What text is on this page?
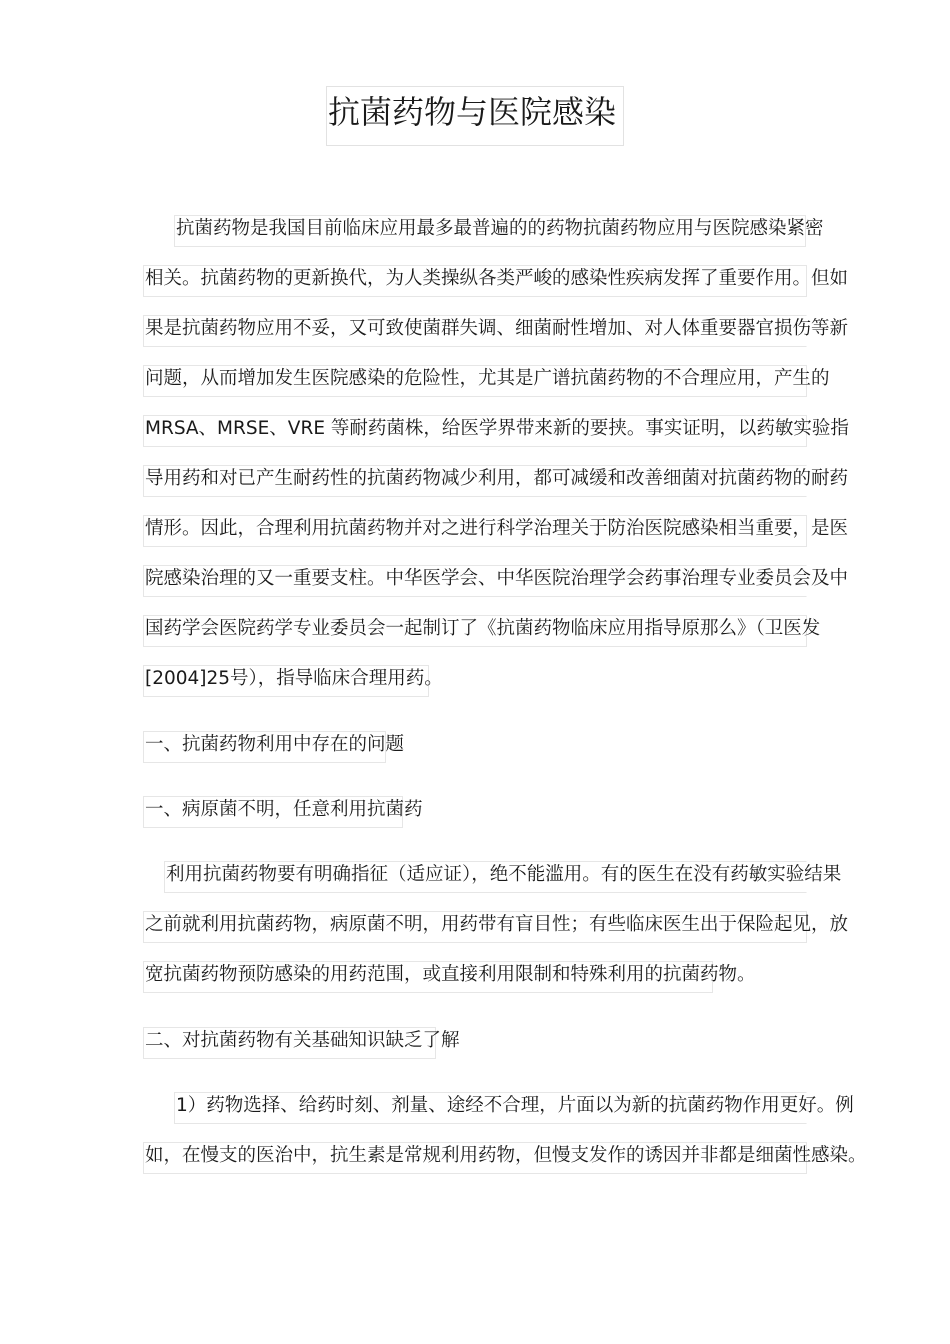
抗菌药物与医院感染
抗菌药物是我国目前临床应用最多最普遍的的药物抗菌药物应用与医院感染紧密
相关。抗菌药物的更新换代，为人类操纵各类严峻的感染性疾病发挥了重要作用。但如
果是抗菌药物应用不妥，又可致使菌群失调、细菌耐性增加、对人体重要器官损伤等新
问题，从而增加发生医院感染的危险性，尤其是广谱抗菌药物的不合理应用，产生的
MRSA、MRSE、VRE 等耐药菌株，给医学界带来新的要挟。事实证明，以药敏实验指
导用药和对已产生耐药性的抗菌药物减少利用，都可减缓和改善细菌对抗菌药物的耐药
情形。因此，合理利用抗菌药物并对之进行科学治理关于防治医院感染相当重要，是医
院感染治理的又一重要支柱。中华医学会、中华医院治理学会药事治理专业委员会及中
国药学会医院药学专业委员会一起制订了《抗菌药物临床应用指导原那么》（卫医发
[2004]25号），指导临床合理用药。
一、抗菌药物利用中存在的问题
一、病原菌不明，任意利用抗菌药
利用抗菌药物要有明确指征（适应证），绝不能滥用。有的医生在没有药敏实验结果
之前就利用抗菌药物，病原菌不明，用药带有盲目性；有些临床医生出于保险起见，放
宽抗菌药物预防感染的用药范围，或直接利用限制和特殊利用的抗菌药物。
二、对抗菌药物有关基础知识缺乏了解
1）药物选择、给药时刻、剂量、途经不合理，片面以为新的抗菌药物作用更好。例
如，在慢支的医治中，抗生素是常规利用药物，但慢支发作的诱因并非都是细菌性感染。
